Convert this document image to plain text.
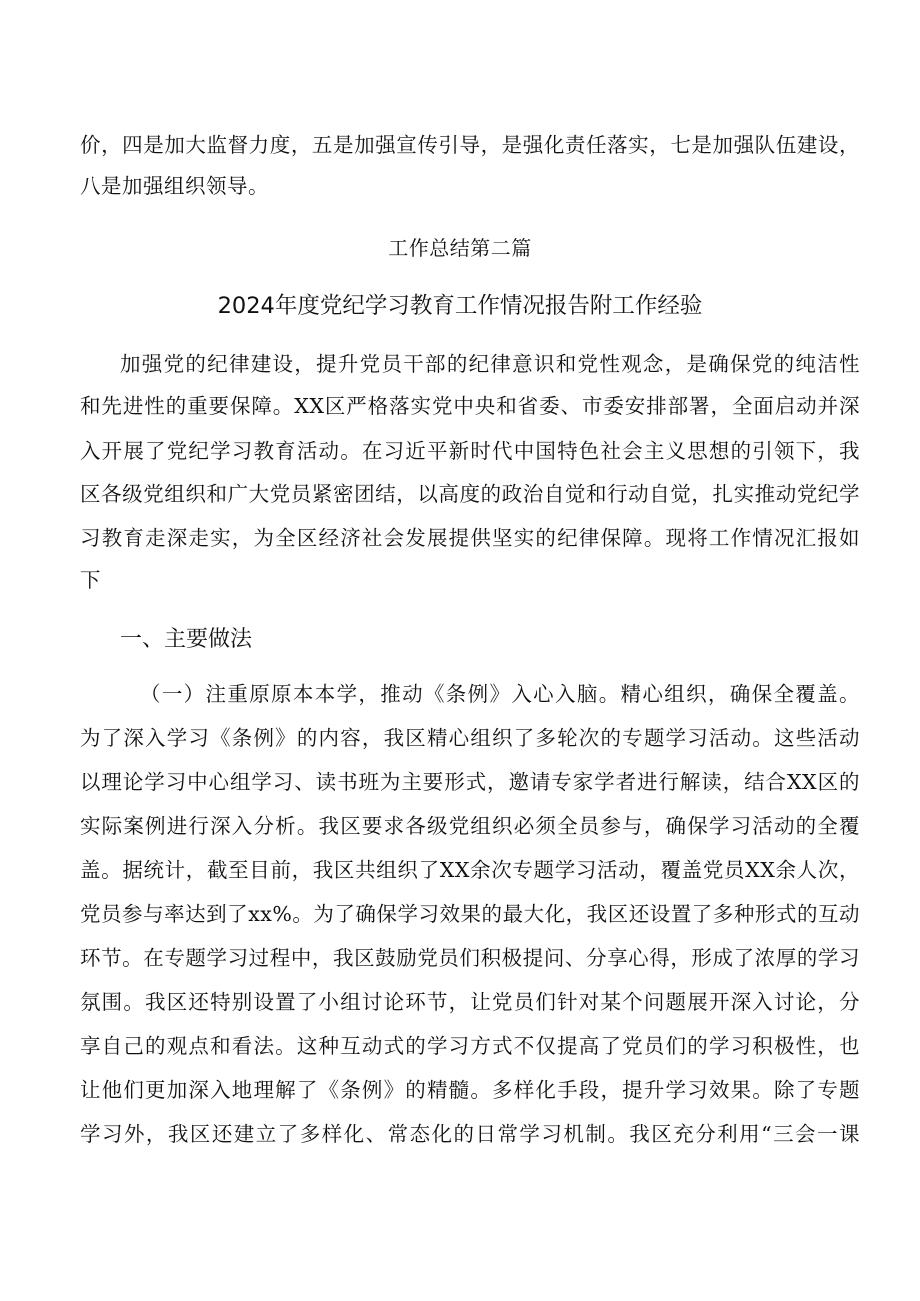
价，四是加大监督力度，五是加强宣传引导，是强化责任落实，七是加强队伍建设，
八是加强组织领导。
工作总结第二篇
2024年度党纪学习教育工作情况报告附工作经验
加强党的纪律建设，提升党员干部的纪律意识和党性观念，是确保党的纯洁性
和先进性的重要保障。XX区严格落实党中央和省委、市委安排部署，全面启动并深
入开展了党纪学习教育活动。在习近平新时代中国特色社会主义思想的引领下，我
区各级党组织和广大党员紧密团结，以高度的政治自觉和行动自觉，扎实推动党纪学
习教育走深走实，为全区经济社会发展提供坚实的纪律保障。现将工作情况汇报如
下
一、主要做法
（一）注重原原本本学，推动《条例》入心入脑。精心组织，确保全覆盖。
为了深入学习《条例》的内容，我区精心组织了多轮次的专题学习活动。这些活动
以理论学习中心组学习、读书班为主要形式，邀请专家学者进行解读，结合XX区的
实际案例进行深入分析。我区要求各级党组织必须全员参与，确保学习活动的全覆
盖。据统计，截至目前，我区共组织了XX余次专题学习活动，覆盖党员XX余人次，
党员参与率达到了xx%。为了确保学习效果的最大化，我区还设置了多种形式的互动
环节。在专题学习过程中，我区鼓励党员们积极提问、分享心得，形成了浓厚的学习
氛围。我区还特别设置了小组讨论环节，让党员们针对某个问题展开深入讨论，分
享自己的观点和看法。这种互动式的学习方式不仅提高了党员们的学习积极性，也
让他们更加深入地理解了《条例》的精髓。多样化手段，提升学习效果。除了专题
学习外，我区还建立了多样化、常态化的日常学习机制。我区充分利用“三会一课
